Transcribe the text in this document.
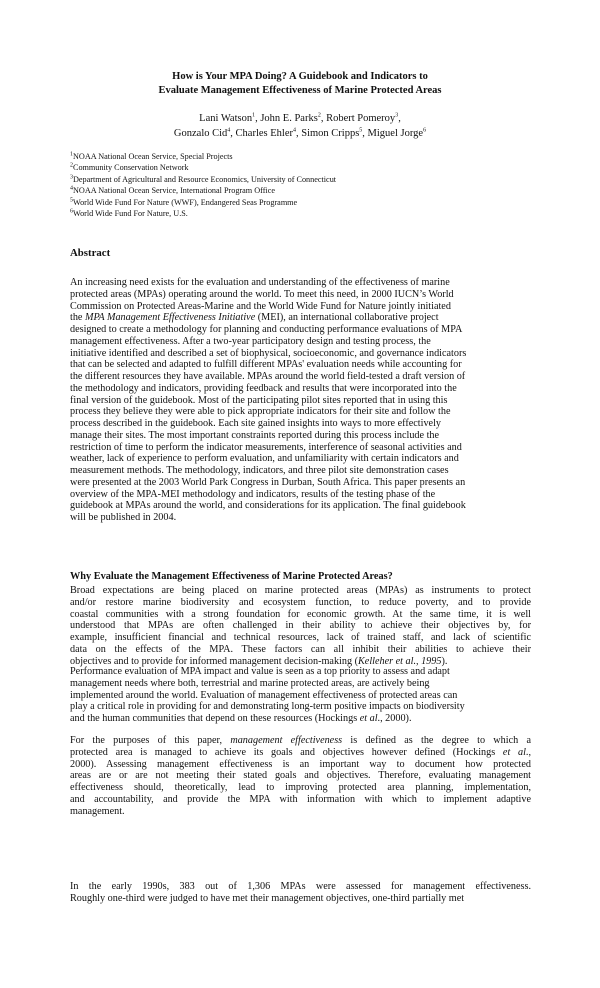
How is Your MPA Doing? A Guidebook and Indicators to
Evaluate Management Effectiveness of Marine Protected Areas
Lani Watson$^1$, John E. Parks$^2$, Robert Pomeroy$^3$,
Gonzalo Cid$^4$, Charles Ehler$^4$, Simon Cripps$^5$, Miguel Jorge$^6$
$^1$NOAA National Ocean Service, Special Projects
$^2$Community Conservation Network
$^3$Department of Agricultural and Resource Economics, University of Connecticut
$^4$NOAA National Ocean Service, International Program Office
$^5$World Wide Fund For Nature (WWF), Endangered Seas Programme
$^6$World Wide Fund For Nature, U.S.
Abstract
An increasing need exists for the evaluation and understanding of the effectiveness of marine
protected areas (MPAs) operating around the world. To meet this need, in 2000 IUCN’s World
Commission on Protected Areas-Marine and the World Wide Fund for Nature jointly initiated
the MPA Management Effectiveness Initiative (MEI), an international collaborative project
designed to create a methodology for planning and conducting performance evaluations of MPA
management effectiveness. After a two-year participatory design and testing process, the
initiative identified and described a set of biophysical, socioeconomic, and governance indicators
that can be selected and adapted to fulfill different MPAs' evaluation needs while accounting for
the different resources they have available. MPAs around the world field-tested a draft version of
the methodology and indicators, providing feedback and results that were incorporated into the
final version of the guidebook. Most of the participating pilot sites reported that in using this
process they believe they were able to pick appropriate indicators for their site and follow the
process described in the guidebook. Each site gained insights into ways to more effectively
manage their sites. The most important constraints reported during this process include the
restriction of time to perform the indicator measurements, interference of seasonal activities and
weather, lack of experience to perform evaluation, and unfamiliarity with certain indicators and
measurement methods. The methodology, indicators, and three pilot site demonstration cases
were presented at the 2003 World Park Congress in Durban, South Africa. This paper presents an
overview of the MPA-MEI methodology and indicators, results of the testing phase of the
guidebook at MPAs around the world, and considerations for its application. The final guidebook
will be published in 2004.
Why Evaluate the Management Effectiveness of Marine Protected Areas?
Broad expectations are being placed on marine protected areas (MPAs) as instruments to protect
and/or restore marine biodiversity and ecosystem function, to reduce poverty, and to provide
coastal communities with a strong foundation for economic growth. At the same time, it is well
understood that MPAs are often challenged in their ability to achieve their objectives by, for
example, insufficient financial and technical resources, lack of trained staff, and lack of scientific
data on the effects of the MPA. These factors can all inhibit their abilities to achieve their
objectives and to provide for informed management decision-making (Kelleher et al., 1995).
Performance evaluation of MPA impact and value is seen as a top priority to assess and adapt
management needs where both, terrestrial and marine protected areas, are actively being
implemented around the world. Evaluation of management effectiveness of protected areas can
play a critical role in providing for and demonstrating long-term positive impacts on biodiversity
and the human communities that depend on these resources (Hockings et al., 2000).
For the purposes of this paper, management effectiveness is defined as the degree to which a
protected area is managed to achieve its goals and objectives however defined (Hockings et al.,
2000). Assessing management effectiveness is an important way to document how protected
areas are or are not meeting their stated goals and objectives. Therefore, evaluating management
effectiveness should, theoretically, lead to improving protected area planning, implementation,
and accountability, and provide the MPA with information with which to implement adaptive
management.
In the early 1990s, 383 out of 1,306 MPAs were assessed for management effectiveness.
Roughly one-third were judged to have met their management objectives, one-third partially met
